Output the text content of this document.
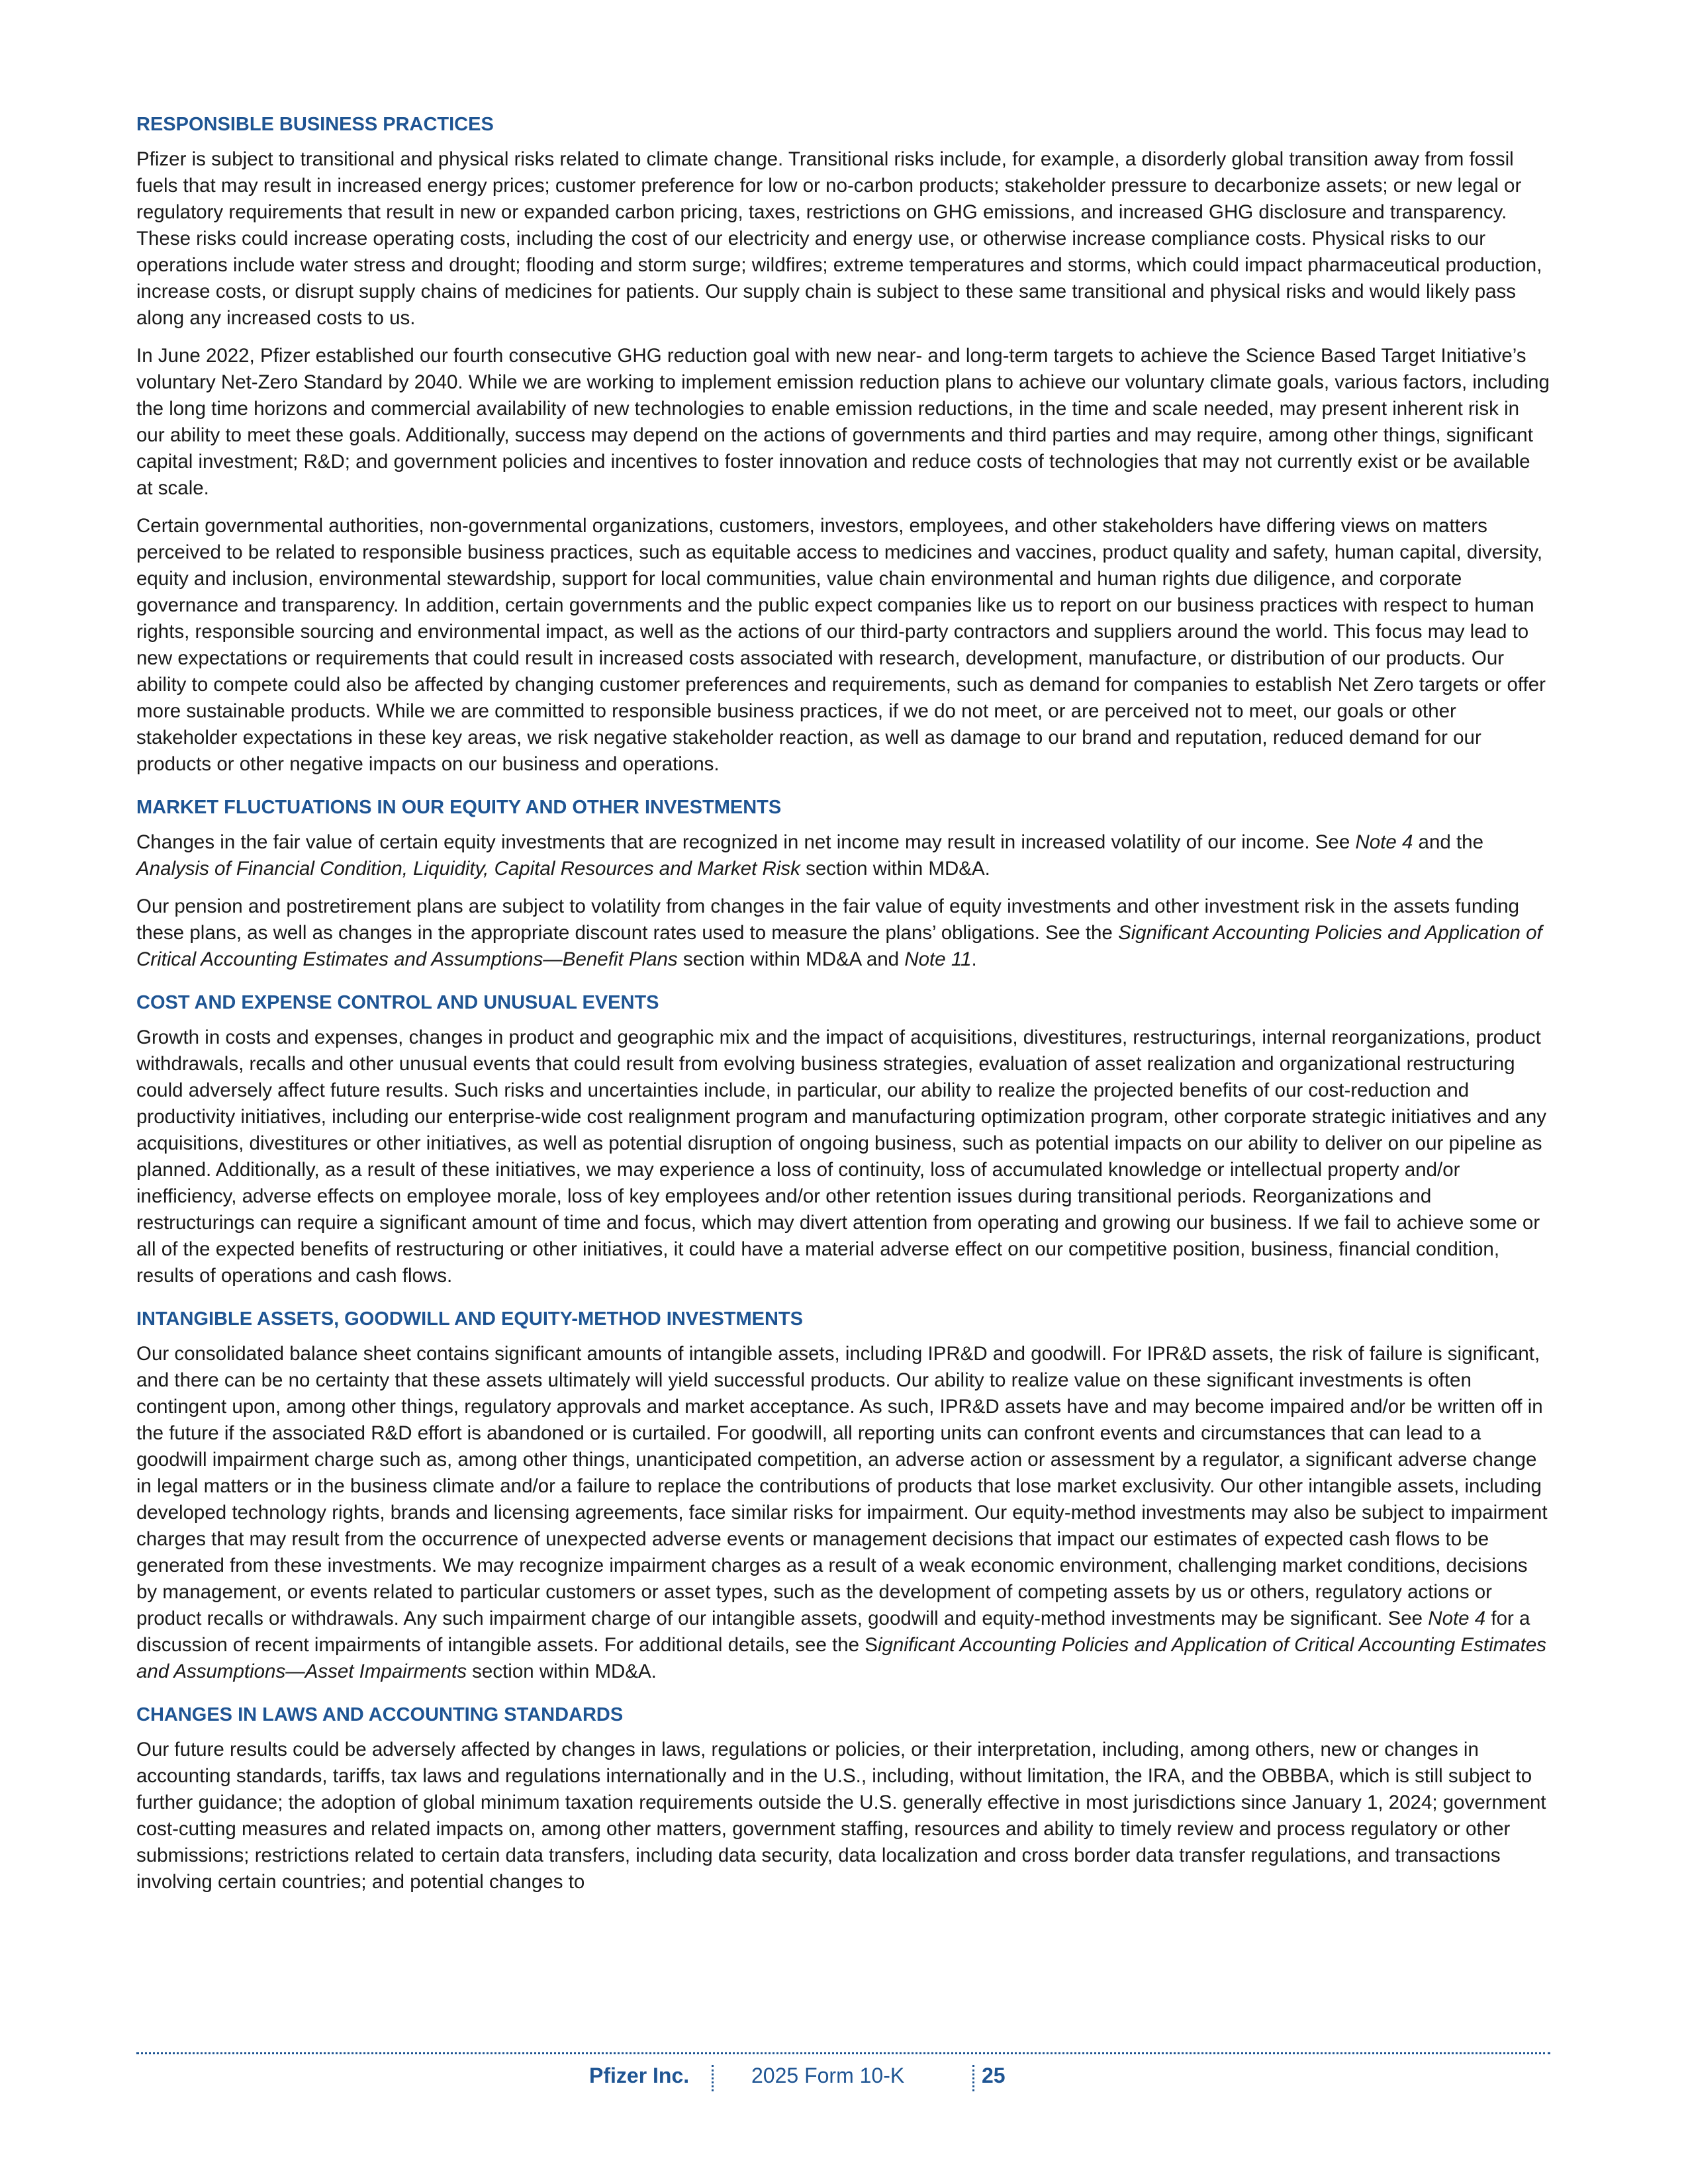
RESPONSIBLE BUSINESS PRACTICES

Pfizer is subject to transitional and physical risks related to climate change. Transitional risks include, for example, a disorderly global transition away from fossil fuels that may result in increased energy prices; customer preference for low or no-carbon products; stakeholder pressure to decarbonize assets; or new legal or regulatory requirements that result in new or expanded carbon pricing, taxes, restrictions on GHG emissions, and increased GHG disclosure and transparency. These risks could increase operating costs, including the cost of our electricity and energy use, or otherwise increase compliance costs. Physical risks to our operations include water stress and drought; flooding and storm surge; wildfires; extreme temperatures and storms, which could impact pharmaceutical production, increase costs, or disrupt supply chains of medicines for patients. Our supply chain is subject to these same transitional and physical risks and would likely pass along any increased costs to us.

In June 2022, Pfizer established our fourth consecutive GHG reduction goal with new near- and long-term targets to achieve the Science Based Target Initiative’s voluntary Net-Zero Standard by 2040. While we are working to implement emission reduction plans to achieve our voluntary climate goals, various factors, including the long time horizons and commercial availability of new technologies to enable emission reductions, in the time and scale needed, may present inherent risk in our ability to meet these goals. Additionally, success may depend on the actions of governments and third parties and may require, among other things, significant capital investment; R&D; and government policies and incentives to foster innovation and reduce costs of technologies that may not currently exist or be available at scale.

Certain governmental authorities, non-governmental organizations, customers, investors, employees, and other stakeholders have differing views on matters perceived to be related to responsible business practices, such as equitable access to medicines and vaccines, product quality and safety, human capital, diversity, equity and inclusion, environmental stewardship, support for local communities, value chain environmental and human rights due diligence, and corporate governance and transparency. In addition, certain governments and the public expect companies like us to report on our business practices with respect to human rights, responsible sourcing and environmental impact, as well as the actions of our third-party contractors and suppliers around the world. This focus may lead to new expectations or requirements that could result in increased costs associated with research, development, manufacture, or distribution of our products. Our ability to compete could also be affected by changing customer preferences and requirements, such as demand for companies to establish Net Zero targets or offer more sustainable products. While we are committed to responsible business practices, if we do not meet, or are perceived not to meet, our goals or other stakeholder expectations in these key areas, we risk negative stakeholder reaction, as well as damage to our brand and reputation, reduced demand for our products or other negative impacts on our business and operations.

MARKET FLUCTUATIONS IN OUR EQUITY AND OTHER INVESTMENTS

Changes in the fair value of certain equity investments that are recognized in net income may result in increased volatility of our income. See Note 4 and the Analysis of Financial Condition, Liquidity, Capital Resources and Market Risk section within MD&A.

Our pension and postretirement plans are subject to volatility from changes in the fair value of equity investments and other investment risk in the assets funding these plans, as well as changes in the appropriate discount rates used to measure the plans’ obligations. See the Significant Accounting Policies and Application of Critical Accounting Estimates and Assumptions—Benefit Plans section within MD&A and Note 11.

COST AND EXPENSE CONTROL AND UNUSUAL EVENTS

Growth in costs and expenses, changes in product and geographic mix and the impact of acquisitions, divestitures, restructurings, internal reorganizations, product withdrawals, recalls and other unusual events that could result from evolving business strategies, evaluation of asset realization and organizational restructuring could adversely affect future results. Such risks and uncertainties include, in particular, our ability to realize the projected benefits of our cost-reduction and productivity initiatives, including our enterprise-wide cost realignment program and manufacturing optimization program, other corporate strategic initiatives and any acquisitions, divestitures or other initiatives, as well as potential disruption of ongoing business, such as potential impacts on our ability to deliver on our pipeline as planned. Additionally, as a result of these initiatives, we may experience a loss of continuity, loss of accumulated knowledge or intellectual property and/or inefficiency, adverse effects on employee morale, loss of key employees and/or other retention issues during transitional periods. Reorganizations and restructurings can require a significant amount of time and focus, which may divert attention from operating and growing our business. If we fail to achieve some or all of the expected benefits of restructuring or other initiatives, it could have a material adverse effect on our competitive position, business, financial condition, results of operations and cash flows.

INTANGIBLE ASSETS, GOODWILL AND EQUITY-METHOD INVESTMENTS

Our consolidated balance sheet contains significant amounts of intangible assets, including IPR&D and goodwill. For IPR&D assets, the risk of failure is significant, and there can be no certainty that these assets ultimately will yield successful products. Our ability to realize value on these significant investments is often contingent upon, among other things, regulatory approvals and market acceptance. As such, IPR&D assets have and may become impaired and/or be written off in the future if the associated R&D effort is abandoned or is curtailed. For goodwill, all reporting units can confront events and circumstances that can lead to a goodwill impairment charge such as, among other things, unanticipated competition, an adverse action or assessment by a regulator, a significant adverse change in legal matters or in the business climate and/or a failure to replace the contributions of products that lose market exclusivity. Our other intangible assets, including developed technology rights, brands and licensing agreements, face similar risks for impairment. Our equity-method investments may also be subject to impairment charges that may result from the occurrence of unexpected adverse events or management decisions that impact our estimates of expected cash flows to be generated from these investments. We may recognize impairment charges as a result of a weak economic environment, challenging market conditions, decisions by management, or events related to particular customers or asset types, such as the development of competing assets by us or others, regulatory actions or product recalls or withdrawals. Any such impairment charge of our intangible assets, goodwill and equity-method investments may be significant. See Note 4 for a discussion of recent impairments of intangible assets. For additional details, see the Significant Accounting Policies and Application of Critical Accounting Estimates and Assumptions—Asset Impairments section within MD&A.

CHANGES IN LAWS AND ACCOUNTING STANDARDS

Our future results could be adversely affected by changes in laws, regulations or policies, or their interpretation, including, among others, new or changes in accounting standards, tariffs, tax laws and regulations internationally and in the U.S., including, without limitation, the IRA, and the OBBBA, which is still subject to further guidance; the adoption of global minimum taxation requirements outside the U.S. generally effective in most jurisdictions since January 1, 2024; government cost-cutting measures and related impacts on, among other matters, government staffing, resources and ability to timely review and process regulatory or other submissions; restrictions related to certain data transfers, including data security, data localization and cross border data transfer regulations, and transactions involving certain countries; and potential changes to

Pfizer Inc.	2025 Form 10-K	25
